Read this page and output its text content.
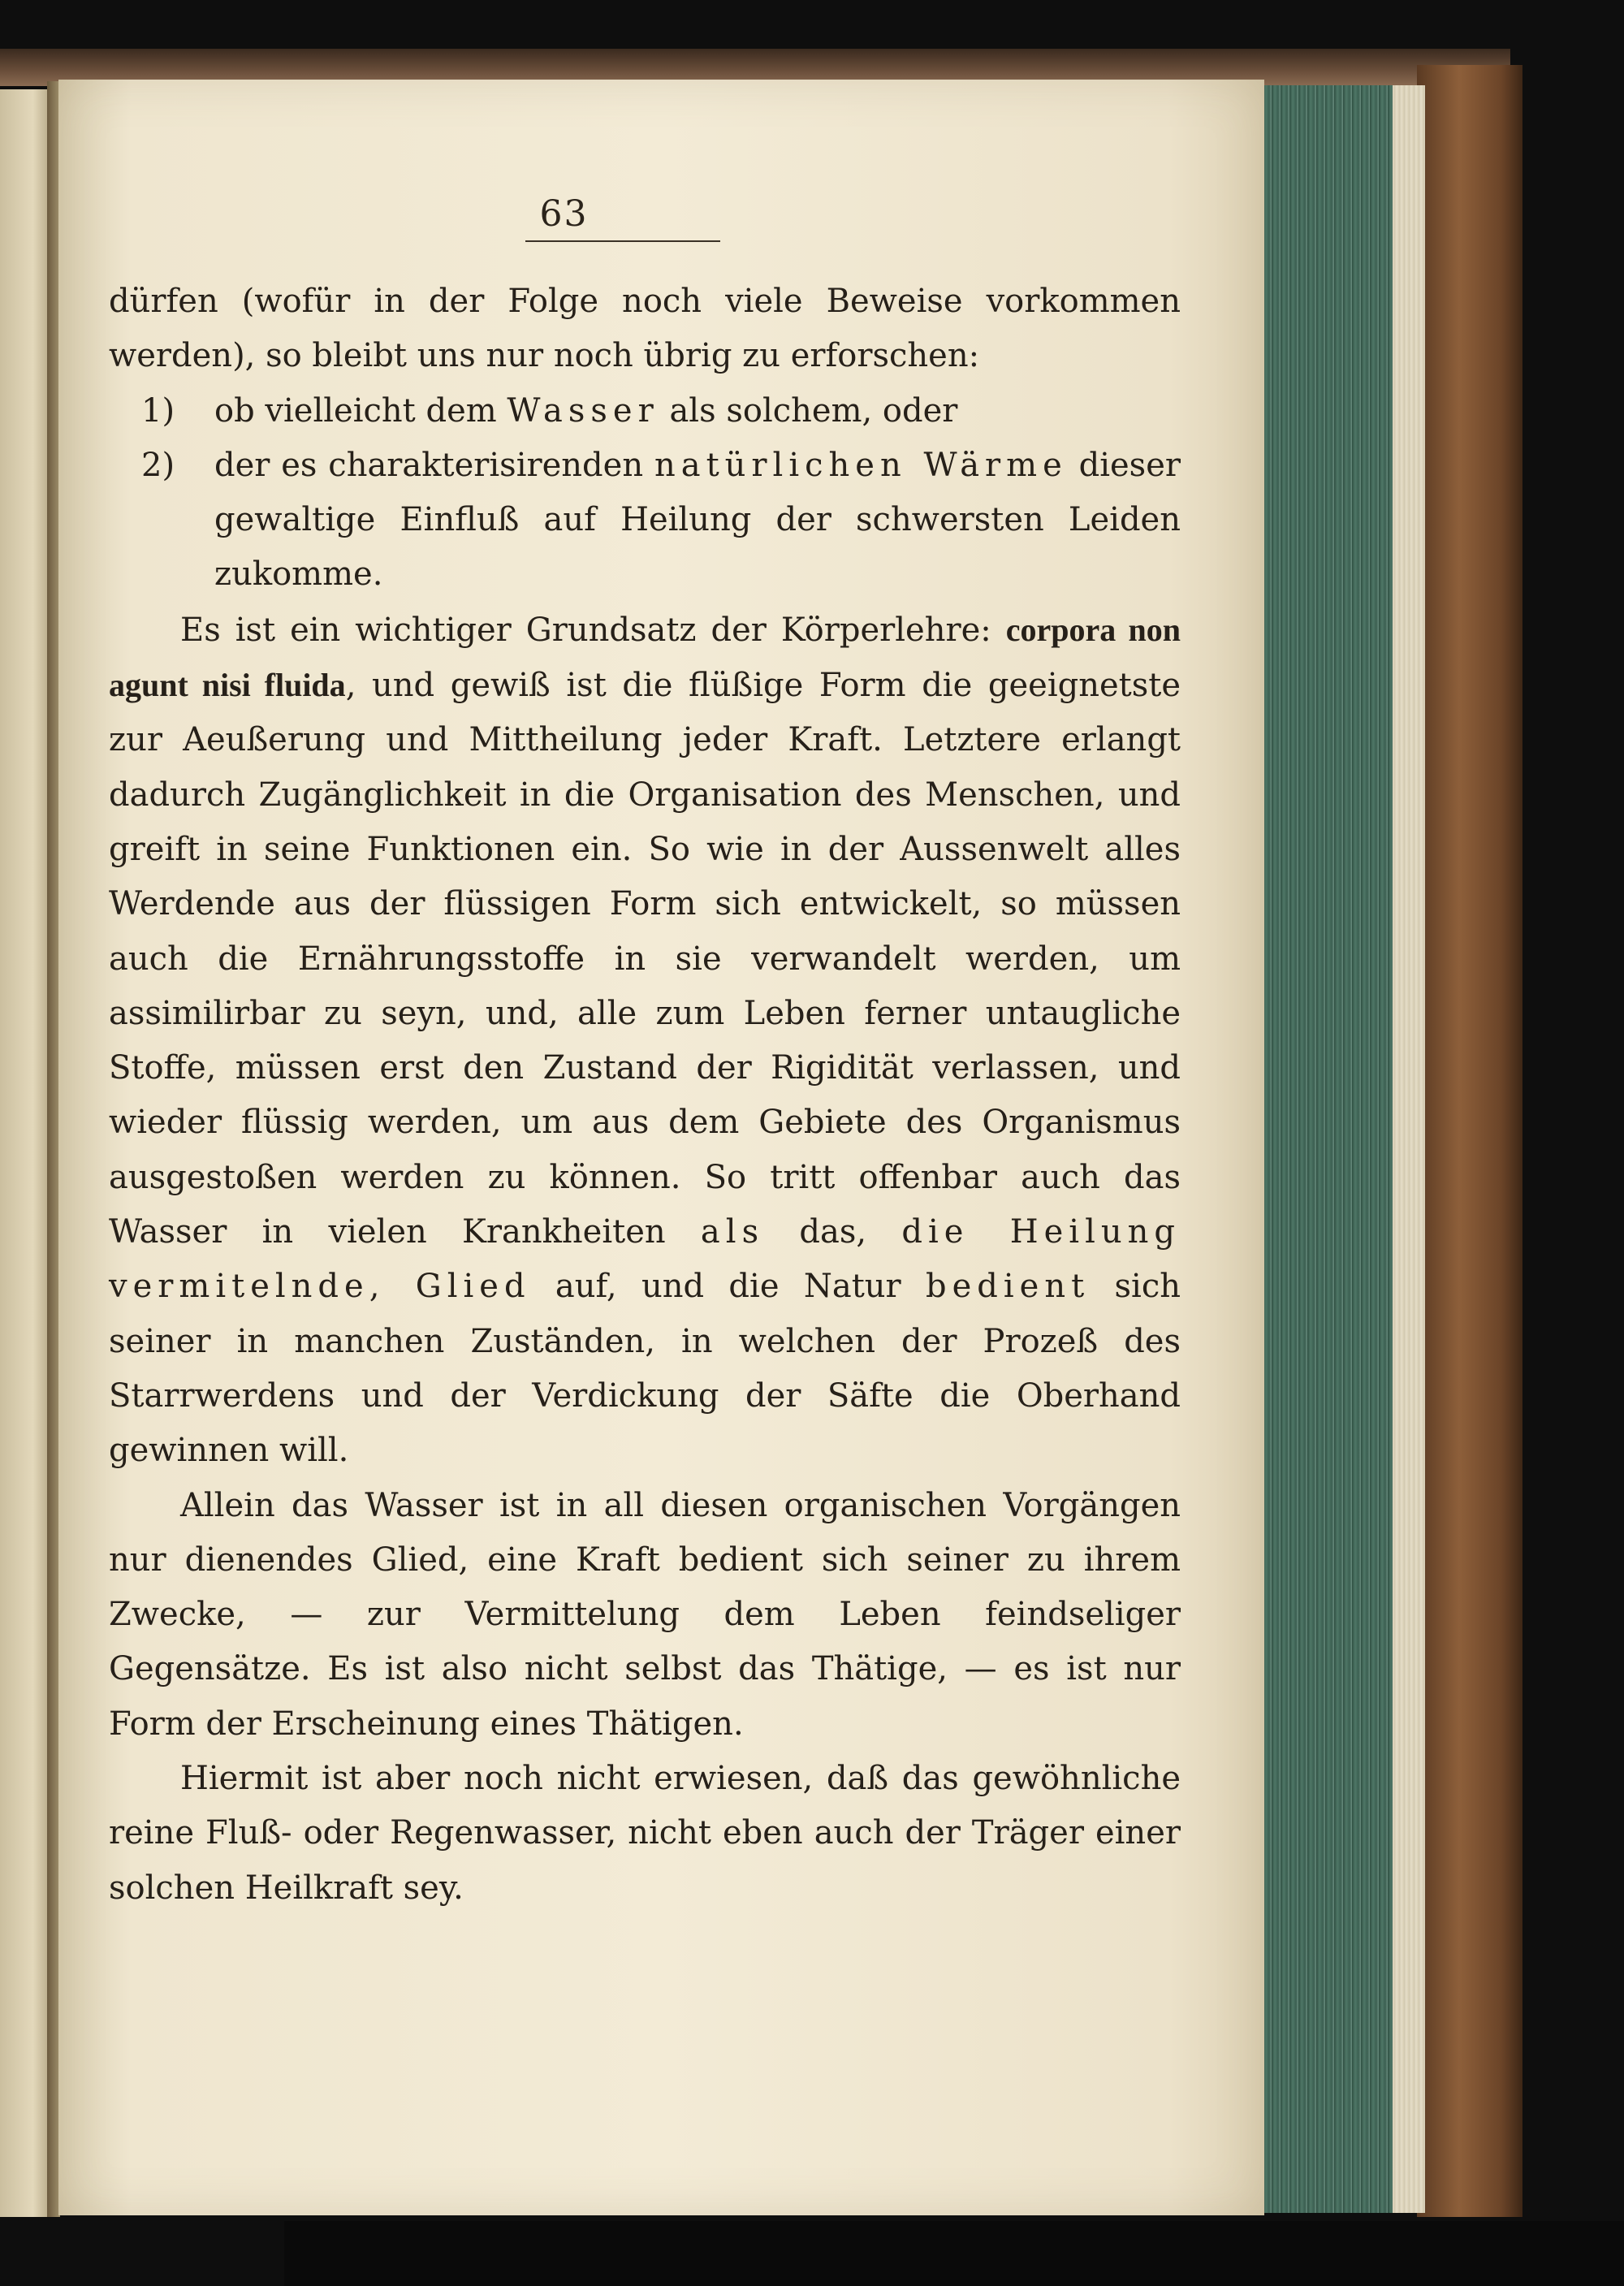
63

dürfen (wofür in der Folge noch viele Beweise vorkommen werden), so bleibt uns nur noch übrig zu erforschen:

1)	ob vielleicht dem Wasser als solchem, oder
2)	der es charakterisirenden natürlichen Wärme dieser gewaltige Einfluß auf Heilung der schwersten Leiden zukomme.

Es ist ein wichtiger Grundsatz der Körperlehre: corpora non agunt nisi fluida, und gewiß ist die flüßige Form die geeignetste zur Aeußerung und Mittheilung jeder Kraft. Letztere erlangt dadurch Zugänglichkeit in die Organisation des Menschen, und greift in seine Funktionen ein. So wie in der Aussenwelt alles Werdende aus der flüssigen Form sich entwickelt, so müssen auch die Ernährungsstoffe in sie verwandelt werden, um assimilirbar zu seyn, und, alle zum Leben ferner untaugliche Stoffe, müssen erst den Zustand der Rigidität verlassen, und wieder flüssig werden, um aus dem Gebiete des Organismus ausgestoßen werden zu können. So tritt offenbar auch das Wasser in vielen Krankheiten als das, die Heilung vermitelnde, Glied auf, und die Natur bedient sich seiner in manchen Zuständen, in welchen der Prozeß des Starrwerdens und der Verdickung der Säfte die Oberhand gewinnen will.

Allein das Wasser ist in all diesen organischen Vorgängen nur dienendes Glied, eine Kraft bedient sich seiner zu ihrem Zwecke, — zur Vermittelung dem Leben feindseliger Gegensätze. Es ist also nicht selbst das Thätige, — es ist nur Form der Erscheinung eines Thätigen.

Hiermit ist aber noch nicht erwiesen, daß das gewöhnliche reine Fluß- oder Regenwasser, nicht eben auch der Träger einer solchen Heilkraft sey.
